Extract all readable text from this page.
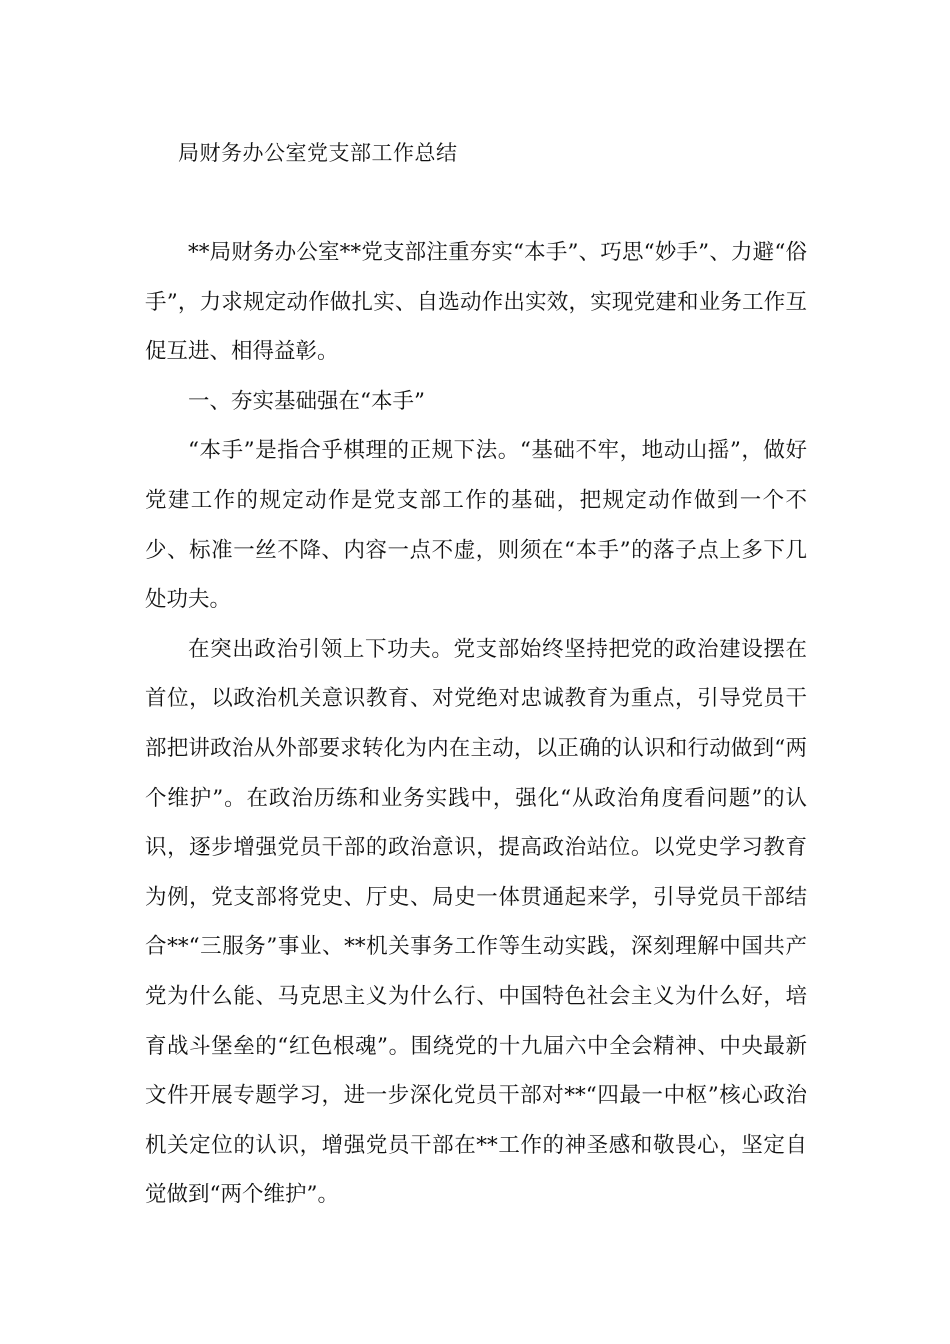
局财务办公室党支部工作总结

**局财务办公室**党支部注重夯实“本手”、巧思“妙手”、力避“俗手”，力求规定动作做扎实、自选动作出实效，实现党建和业务工作互促互进、相得益彰。

一、夯实基础强在“本手”

“本手”是指合乎棋理的正规下法。“基础不牢，地动山摇”，做好党建工作的规定动作是党支部工作的基础，把规定动作做到一个不少、标准一丝不降、内容一点不虚，则须在“本手”的落子点上多下几处功夫。

在突出政治引领上下功夫。党支部始终坚持把党的政治建设摆在首位，以政治机关意识教育、对党绝对忠诚教育为重点，引导党员干部把讲政治从外部要求转化为内在主动，以正确的认识和行动做到“两个维护”。在政治历练和业务实践中，强化“从政治角度看问题”的认识，逐步增强党员干部的政治意识，提高政治站位。以党史学习教育为例，党支部将党史、厅史、局史一体贯通起来学，引导党员干部结合**“三服务”事业、**机关事务工作等生动实践，深刻理解中国共产党为什么能、马克思主义为什么行、中国特色社会主义为什么好，培育战斗堡垒的“红色根魂”。围绕党的十九届六中全会精神、中央最新文件开展专题学习，进一步深化党员干部对**“四最一中枢”核心政治机关定位的认识，增强党员干部在**工作的神圣感和敬畏心，坚定自觉做到“两个维护”。
